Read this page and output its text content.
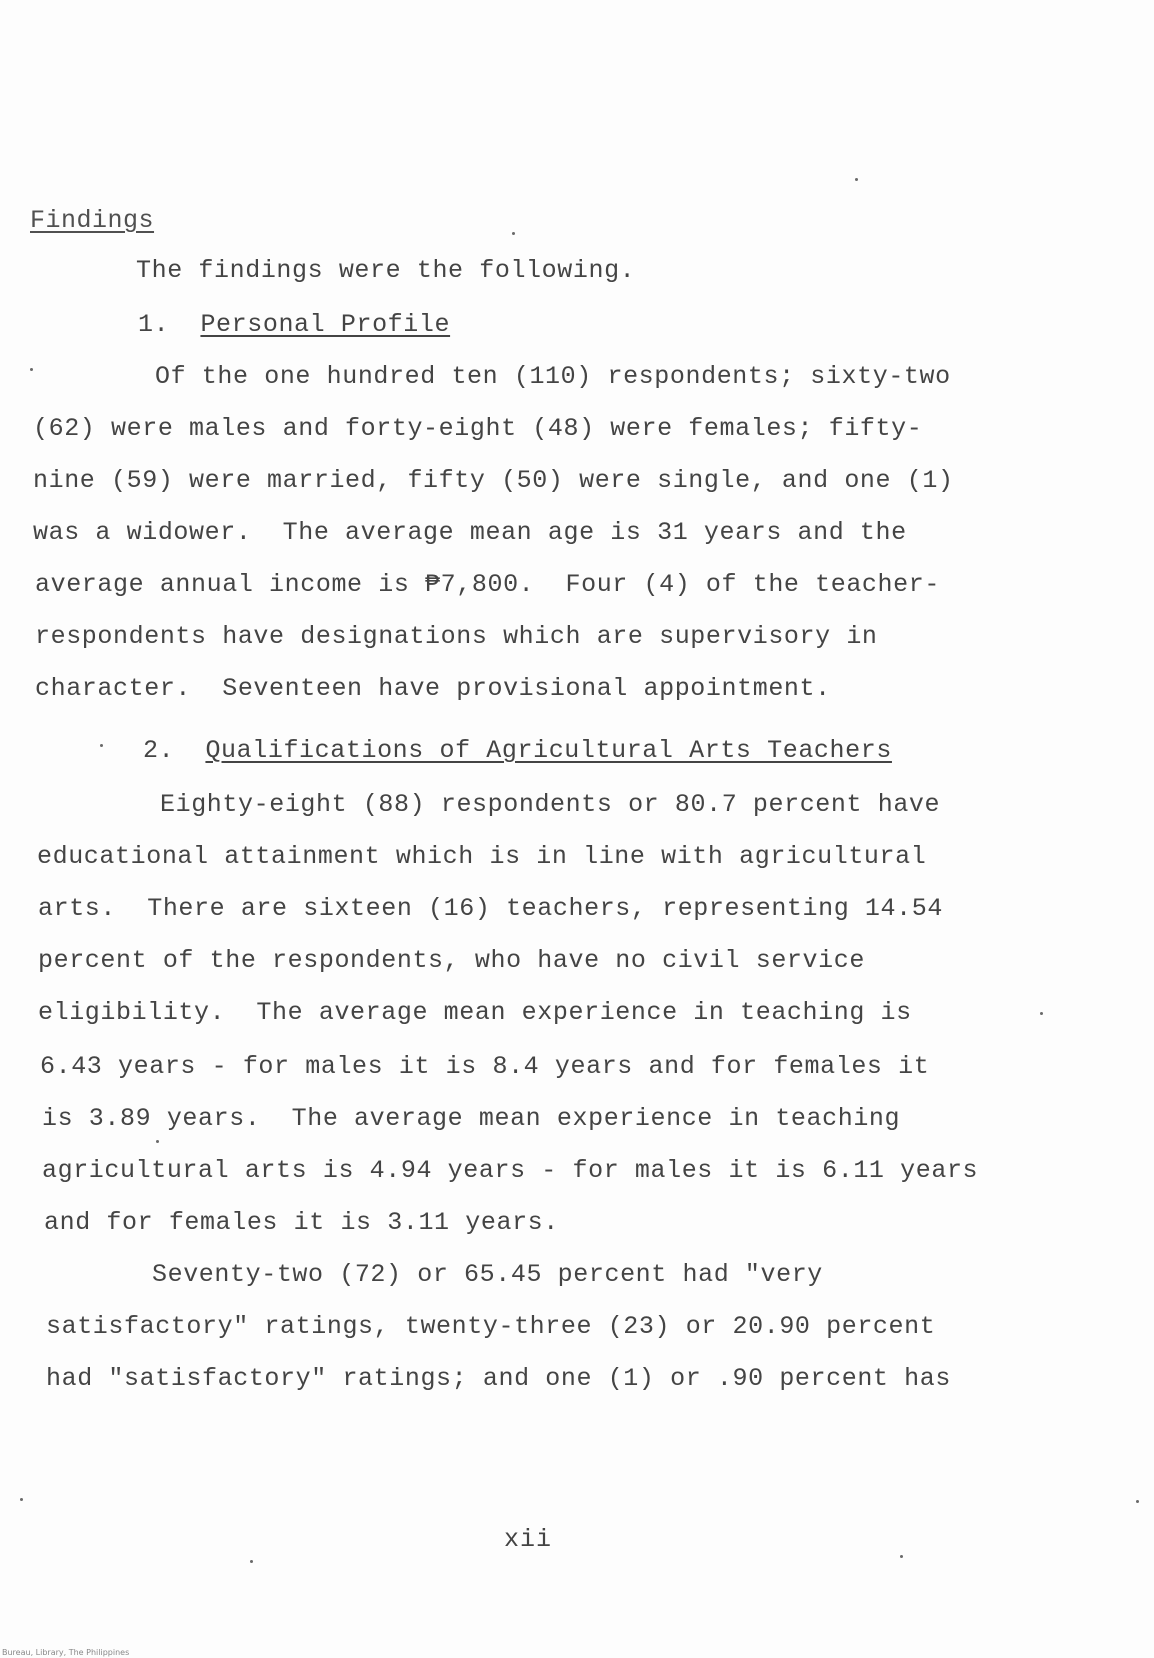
Findings
The findings were the following.
1. Personal Profile
Of the one hundred ten (110) respondents; sixty-two
(62) were males and forty-eight (48) were females; fifty-
nine (59) were married, fifty (50) were single, and one (1)
was a widower.  The average mean age is 31 years and the
average annual income is ₱7,800.  Four (4) of the teacher-
respondents have designations which are supervisory in
character.  Seventeen have provisional appointment.
2. Qualifications of Agricultural Arts Teachers
Eighty-eight (88) respondents or 80.7 percent have
educational attainment which is in line with agricultural
arts.  There are sixteen (16) teachers, representing 14.54
percent of the respondents, who have no civil service
eligibility.  The average mean experience in teaching is
6.43 years - for males it is 8.4 years and for females it
is 3.89 years.  The average mean experience in teaching
agricultural arts is 4.94 years - for males it is 6.11 years
and for females it is 3.11 years.
Seventy-two (72) or 65.45 percent had "very
satisfactory" ratings, twenty-three (23) or 20.90 percent
had "satisfactory" ratings; and one (1) or .90 percent has
xii
Bureau, Library, The Philippines
